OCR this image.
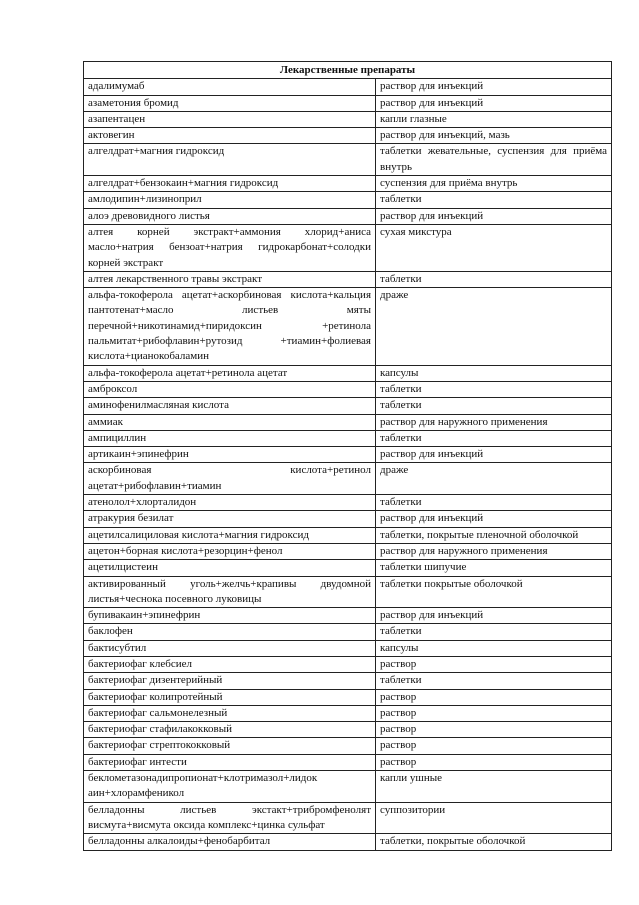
Лекарственные препараты	
адалимумаб	раствор для инъекций
азаметония бромид	раствор для инъекций
азапентацен	капли глазные
актовегин	раствор для инъекций, мазь
алгелдрат+магния гидроксид	таблетки жевательные, суспензия для приёма внутрь
алгелдрат+бензокаин+магния гидроксид	суспензия для приёма внутрь
амлодипин+лизиноприл	таблетки
алоэ древовидного листья	раствор для инъекций
алтея корней экстракт+аммония хлорид+аниса масло+натрия бензоат+натрия гидрокарбонат+солодки корней экстракт	сухая микстура
алтея лекарственного травы экстракт	таблетки
альфа-токоферола ацетат+аскорбиновая кислота+кальция пантотенат+масло листьев мяты перечной+никотинамид+пиридоксин +ретинола пальмитат+рибофлавин+рутозид +тиамин+фолиевая кислота+цианокобаламин	драже
альфа-токоферола ацетат+ретинола ацетат	капсулы
амброксол	таблетки
аминофенилмасляная кислота	таблетки
аммиак	раствор для наружного применения
ампициллин	таблетки
артикаин+эпинефрин	раствор для инъекций
аскорбиновая кислота+ретинол ацетат+рибофлавин+тиамин	драже
атенолол+хлорталидон	таблетки
атракурия безилат	раствор для инъекций
ацетилсалициловая кислота+магния гидроксид	таблетки, покрытые пленочной оболочкой
ацетон+борная кислота+резорцин+фенол	раствор для наружного применения
ацетилцистеин	таблетки шипучие
активированный уголь+желчь+крапивы двудомной листья+чеснока посевного луковицы	таблетки покрытые оболочкой
бупивакаин+эпинефрин	раствор для инъекций
баклофен	таблетки
бактисубтил	капсулы
бактериофаг клебсиел	раствор
бактериофаг дизентерийный	таблетки
бактериофаг колипротейный	раствор
бактериофаг сальмонелезный	раствор
бактериофаг стафилакокковый	раствор
бактериофаг стрептококковый	раствор
бактериофаг интести	раствор
беклометазонадипропионат+клотримазол+лидок аин+хлорамфеникол	капли ушные
белладонны листьев экстакт+трибромфенолят висмута+висмута оксида комплекс+цинка сульфат	суппозитории
белладонны алкалоиды+фенобарбитал	таблетки, покрытые оболочкой
